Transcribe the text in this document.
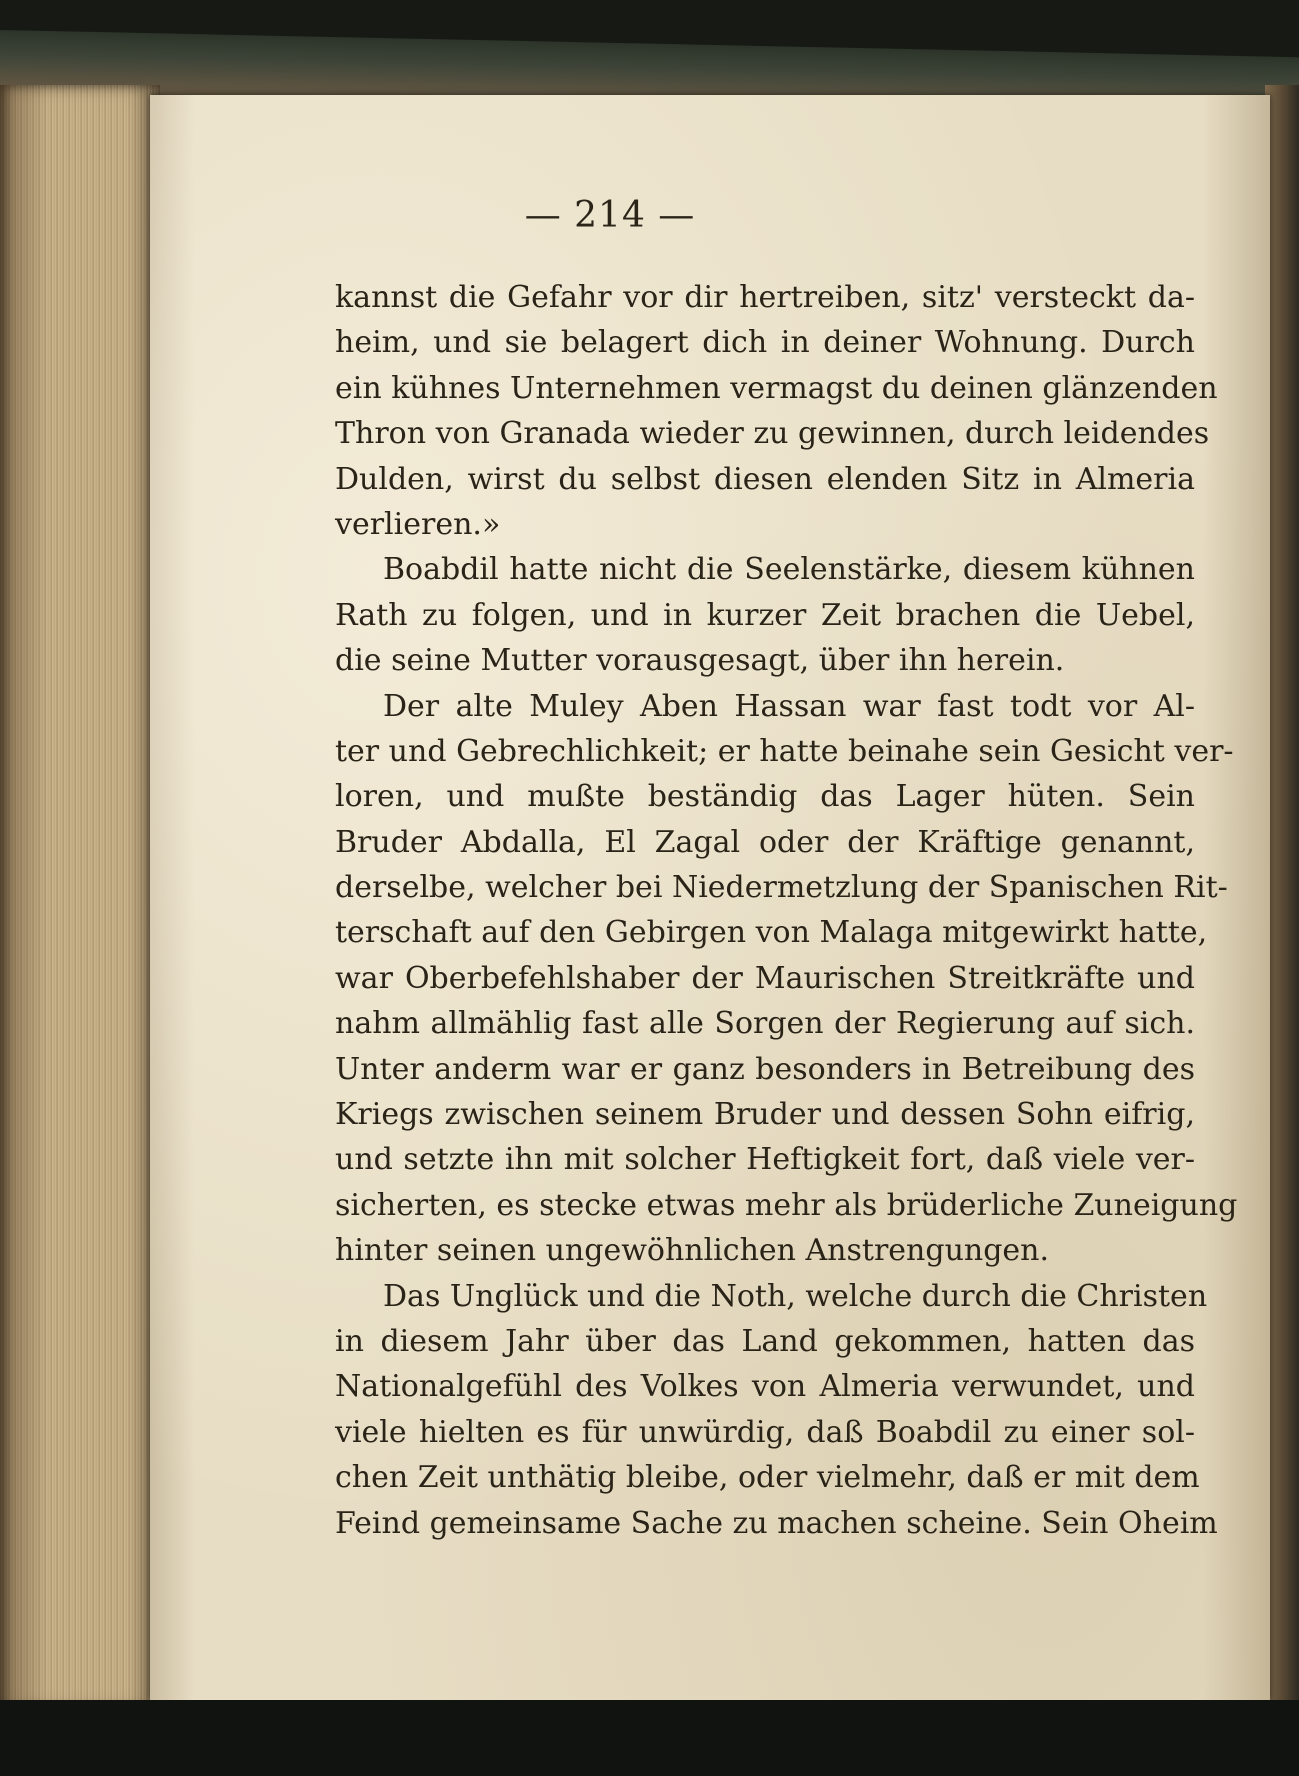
— 214 —
kannst die Gefahr vor dir hertreiben, sitz' versteckt da-
heim, und sie belagert dich in deiner Wohnung. Durch
ein kühnes Unternehmen vermagst du deinen glänzenden
Thron von Granada wieder zu gewinnen, durch leidendes
Dulden, wirst du selbst diesen elenden Sitz in Almeria
verlieren.»
Boabdil hatte nicht die Seelenstärke, diesem kühnen
Rath zu folgen, und in kurzer Zeit brachen die Uebel,
die seine Mutter vorausgesagt, über ihn herein.
Der alte Muley Aben Hassan war fast todt vor Al-
ter und Gebrechlichkeit; er hatte beinahe sein Gesicht ver-
loren, und mußte beständig das Lager hüten. Sein
Bruder Abdalla, El Zagal oder der Kräftige genannt,
derselbe, welcher bei Niedermetzlung der Spanischen Rit-
terschaft auf den Gebirgen von Malaga mitgewirkt hatte,
war Oberbefehlshaber der Maurischen Streitkräfte und
nahm allmählig fast alle Sorgen der Regierung auf sich.
Unter anderm war er ganz besonders in Betreibung des
Kriegs zwischen seinem Bruder und dessen Sohn eifrig,
und setzte ihn mit solcher Heftigkeit fort, daß viele ver-
sicherten, es stecke etwas mehr als brüderliche Zuneigung
hinter seinen ungewöhnlichen Anstrengungen.
Das Unglück und die Noth, welche durch die Christen
in diesem Jahr über das Land gekommen, hatten das
Nationalgefühl des Volkes von Almeria verwundet, und
viele hielten es für unwürdig, daß Boabdil zu einer sol-
chen Zeit unthätig bleibe, oder vielmehr, daß er mit dem
Feind gemeinsame Sache zu machen scheine. Sein Oheim
